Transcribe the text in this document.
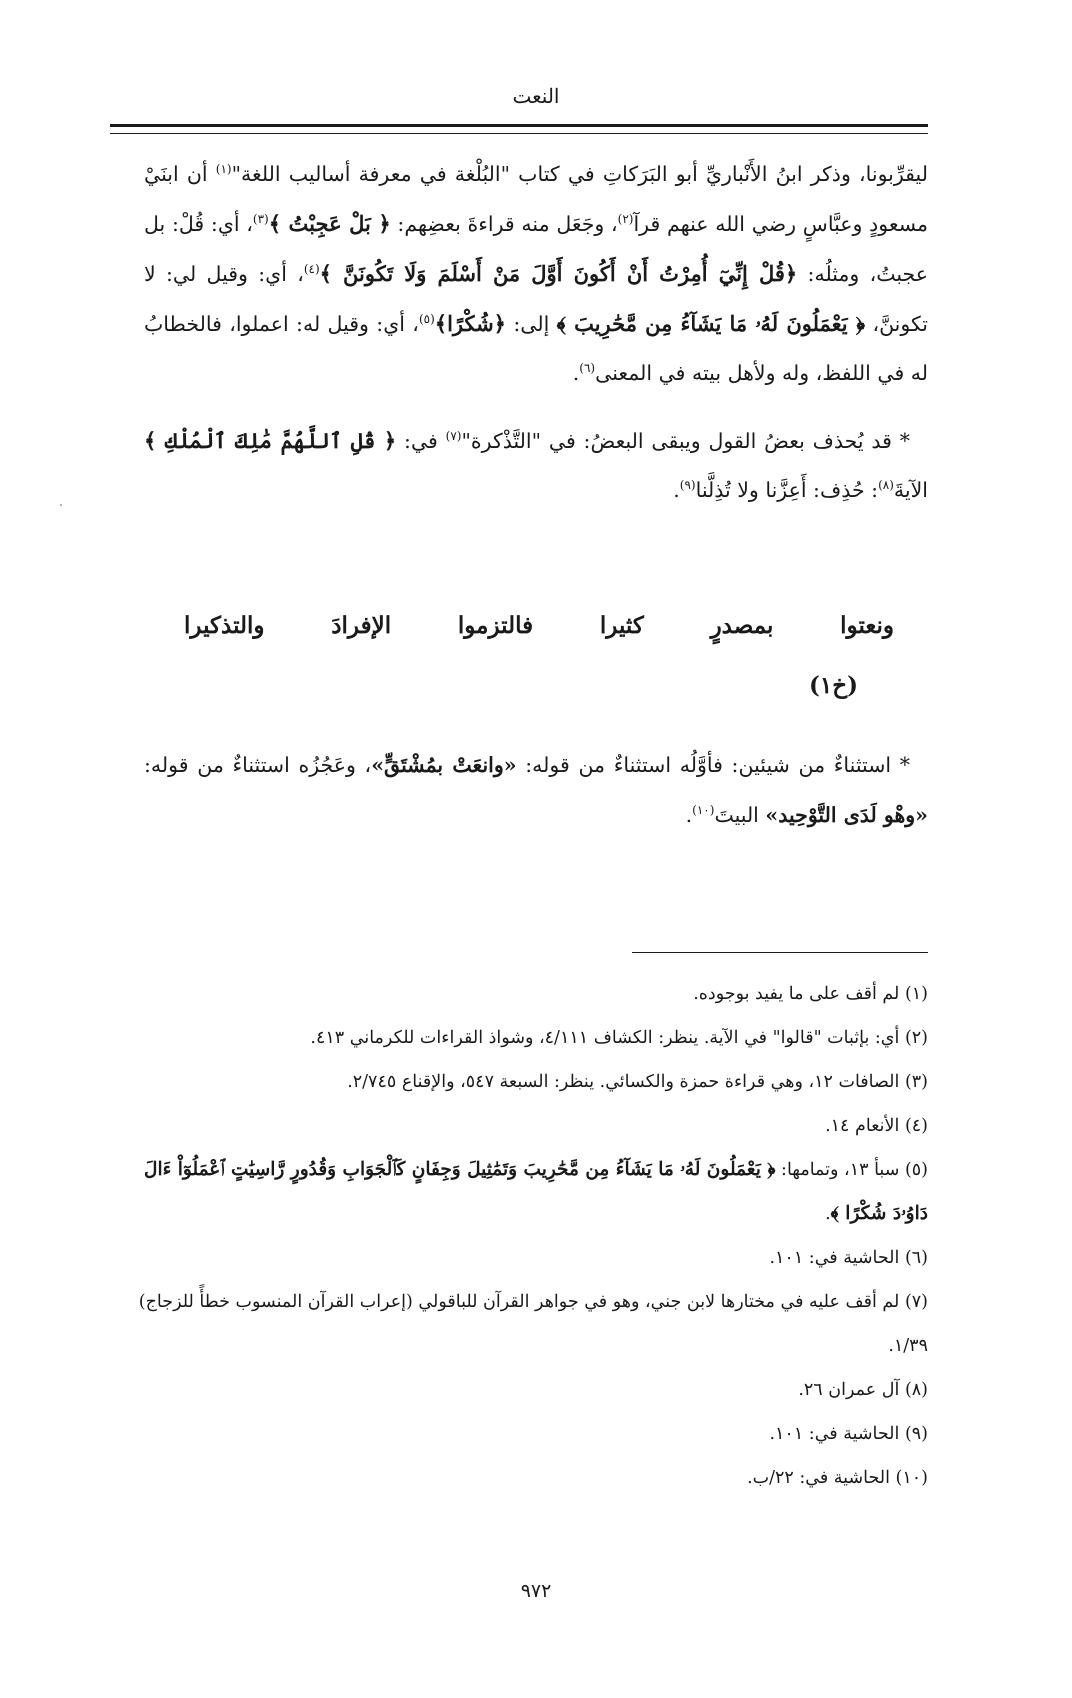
النعت

ليقرِّبونا، وذكر ابنُ الأَنْباريِّ أبو البَرَكاتِ في كتاب "البُلْغة في معرفة أساليب اللغة"$^{(١)}$ أن ابنَيْ مسعودٍ وعبَّاسٍ رضي الله عنهم قرآ$^{(٢)}$، وجَعَل منه قراءةَ بعضِهم: ﴿ بَلْ عَجِبْتُ ﴾$^{(٣)}$، أي: قُلْ: بل عجبتُ، ومثلُه: ﴿قُلْ إِنِّيٓ أُمِرْتُ أَنْ أَكُونَ أَوَّلَ مَنْ أَسْلَمَ وَلَا تَكُونَنَّ ﴾$^{(٤)}$، أي: وقيل لي: لا تكوننَّ، ﴿ يَعْمَلُونَ لَهُۥ مَا يَشَآءُ مِن مَّحَٰرِيبَ ﴾ إلى: ﴿شُكْرًا﴾$^{(٥)}$، أي: وقيل له: اعملوا، فالخطابُ له في اللفظ، وله ولأهل بيته في المعنى$^{(٦)}$.

* قد يُحذف بعضُ القول ويبقى البعضُ: في "التَّذْكرة"$^{(٧)}$ في: ﴿ قُلِ ٱللَّهُمَّ مَٰلِكَ ٱلْمُلْكِ ﴾ الآيةَ$^{(٨)}$: حُذِف: أَعِزَّنا ولا تُذِلَّنا$^{(٩)}$.

ونعتوا
بمصدرٍ
كثيرا
فالتزموا
الإفرادَ
والتذكيرا
(خ١)

* استثناءٌ من شيئين: فأوَّلُه استثناءٌ من قوله: «وانعَتْ بمُشْتَقٍّ»، وعَجُزُه استثناءٌ من قوله: «وهْو لَدَى التَّوْحِيد» البيتَ$^{(١٠)}$.

(١) لم أقف على ما يفيد بوجوده.

(٢) أي: بإثبات "قالوا" في الآية. ينظر: الكشاف ٤/١١١، وشواذ القراءات للكرماني ٤١٣.

(٣) الصافات ١٢، وهي قراءة حمزة والكسائي. ينظر: السبعة ٥٤٧، والإقناع ٢/٧٤٥.

(٤) الأنعام ١٤.

(٥) سبأ ١٣، وتمامها: ﴿ يَعْمَلُونَ لَهُۥ مَا يَشَآءُ مِن مَّحَٰرِيبَ وَتَمَٰثِيلَ وَجِفَانٍ كَٱلْجَوَابِ وَقُدُورٍ رَّاسِيَٰتٍ ٱعْمَلُوٓاْ ءَالَ دَاوُۥدَ شُكْرًا ﴾.

(٦) الحاشية في: ١٠١.

(٧) لم أقف عليه في مختارها لابن جني، وهو في جواهر القرآن للباقولي (إعراب القرآن المنسوب خطأً للزجاج) ١/٣٩.

(٨) آل عمران ٢٦.

(٩) الحاشية في: ١٠١.

(١٠) الحاشية في: ٢٢/ب.

٩٧٢
